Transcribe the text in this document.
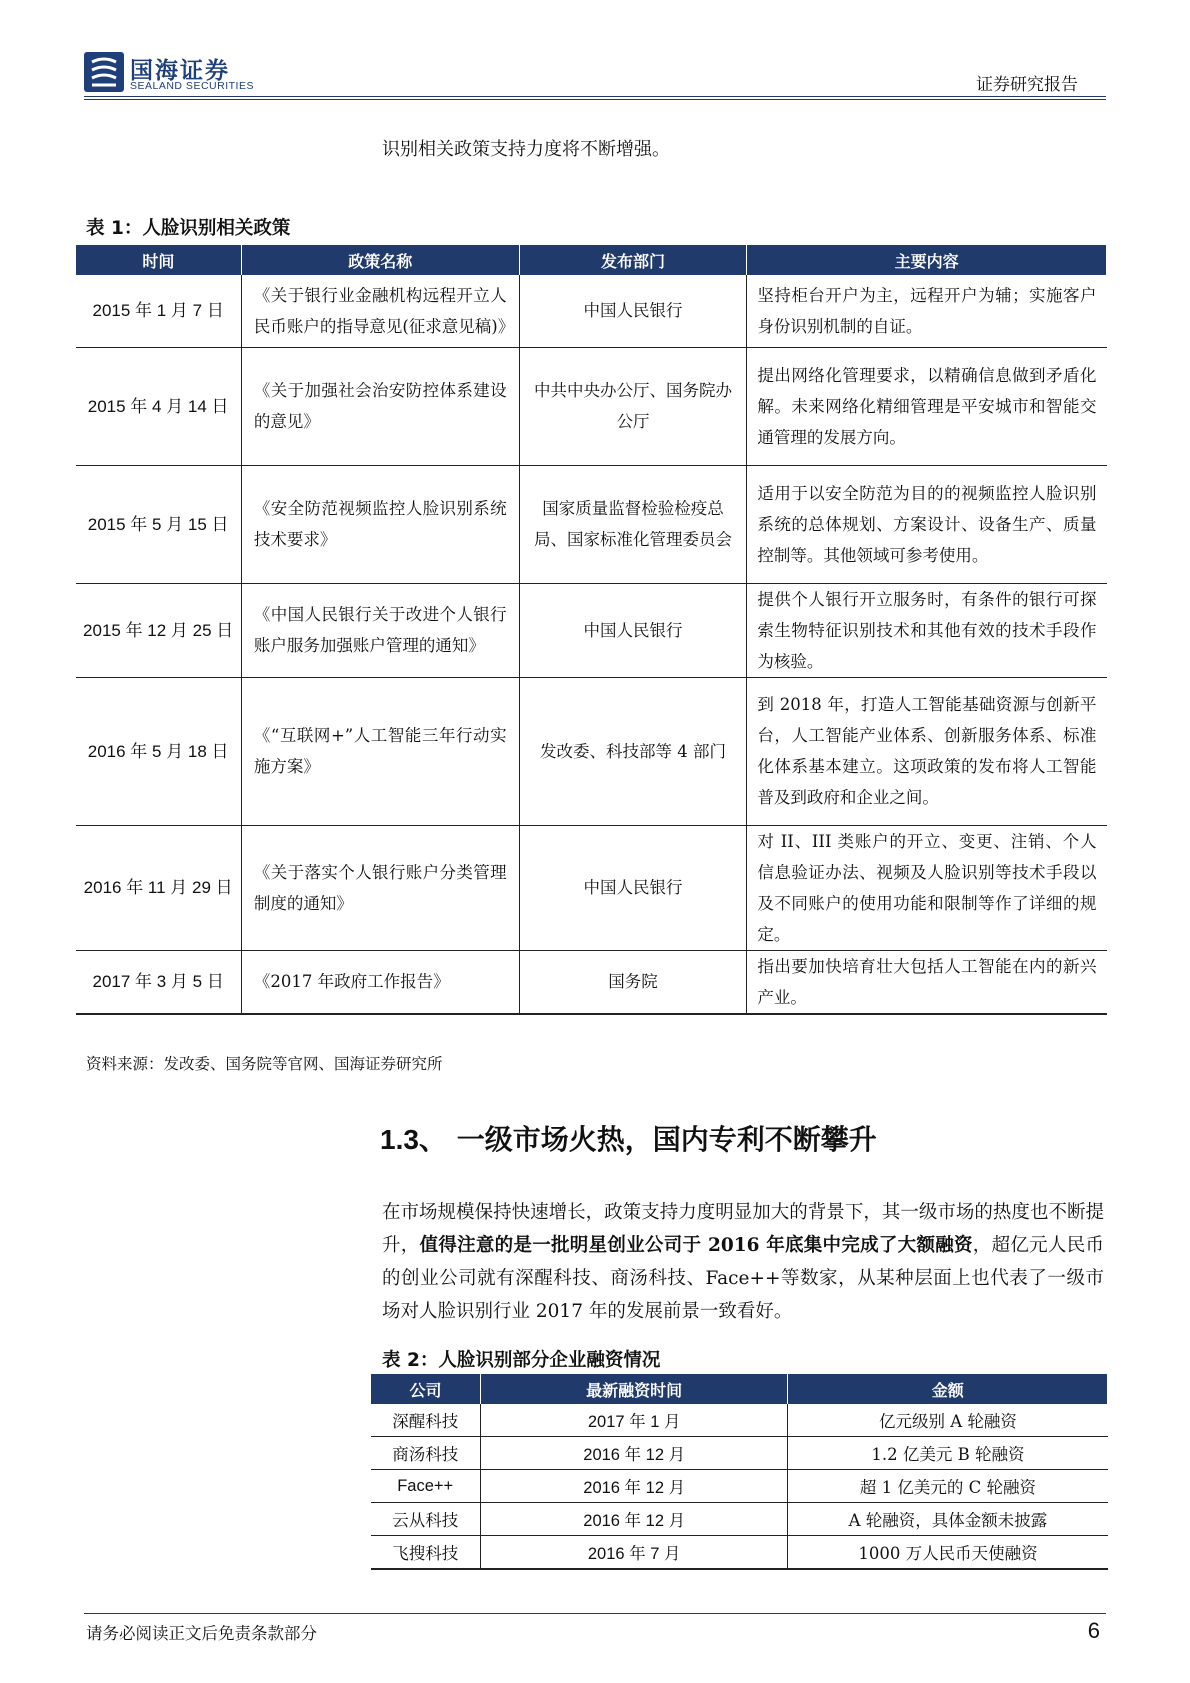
国海证券
SEALAND SECURITIES	证券研究报告
识别相关政策支持力度将不断增强。
表 1：人脸识别相关政策
时间	政策名称	发布部门	主要内容
2015 年 1 月 7 日	《关于银行业金融机构远程开立人民币账户的指导意见(征求意见稿)》	中国人民银行	坚持柜台开户为主，远程开户为辅；实施客户身份识别机制的自证。
2015 年 4 月 14 日	《关于加强社会治安防控体系建设的意见》	中共中央办公厅、国务院办公厅	提出网络化管理要求，以精确信息做到矛盾化解。未来网络化精细管理是平安城市和智能交通管理的发展方向。
2015 年 5 月 15 日	《安全防范视频监控人脸识别系统技术要求》	国家质量监督检验检疫总局、国家标准化管理委员会	适用于以安全防范为目的的视频监控人脸识别系统的总体规划、方案设计、设备生产、质量控制等。其他领域可参考使用。
2015 年 12 月 25 日	《中国人民银行关于改进个人银行账户服务加强账户管理的通知》	中国人民银行	提供个人银行开立服务时，有条件的银行可探索生物特征识别技术和其他有效的技术手段作为核验。
2016 年 5 月 18 日	《“互联网+”人工智能三年行动实施方案》	发改委、科技部等 4 部门	到 2018 年，打造人工智能基础资源与创新平台，人工智能产业体系、创新服务体系、标准化体系基本建立。这项政策的发布将人工智能普及到政府和企业之间。
2016 年 11 月 29 日	《关于落实个人银行账户分类管理制度的通知》	中国人民银行	对 II、III 类账户的开立、变更、注销、个人信息验证办法、视频及人脸识别等技术手段以及不同账户的使用功能和限制等作了详细的规定。
2017 年 3 月 5 日	《2017 年政府工作报告》	国务院	指出要加快培育壮大包括人工智能在内的新兴产业。
资料来源：发改委、国务院等官网、国海证券研究所
1.3、 一级市场火热，国内专利不断攀升
在市场规模保持快速增长，政策支持力度明显加大的背景下，其一级市场的热度也不断提升，值得注意的是一批明星创业公司于 2016 年底集中完成了大额融资，超亿元人民币的创业公司就有深醒科技、商汤科技、Face++等数家，从某种层面上也代表了一级市场对人脸识别行业 2017 年的发展前景一致看好。
表 2：人脸识别部分企业融资情况
公司	最新融资时间	金额
深醒科技	2017 年 1 月	亿元级别 A 轮融资
商汤科技	2016 年 12 月	1.2 亿美元 B 轮融资
Face++	2016 年 12 月	超 1 亿美元的 C 轮融资
云从科技	2016 年 12 月	A 轮融资，具体金额未披露
飞搜科技	2016 年 7 月	1000 万人民币天使融资
请务必阅读正文后免责条款部分	6
